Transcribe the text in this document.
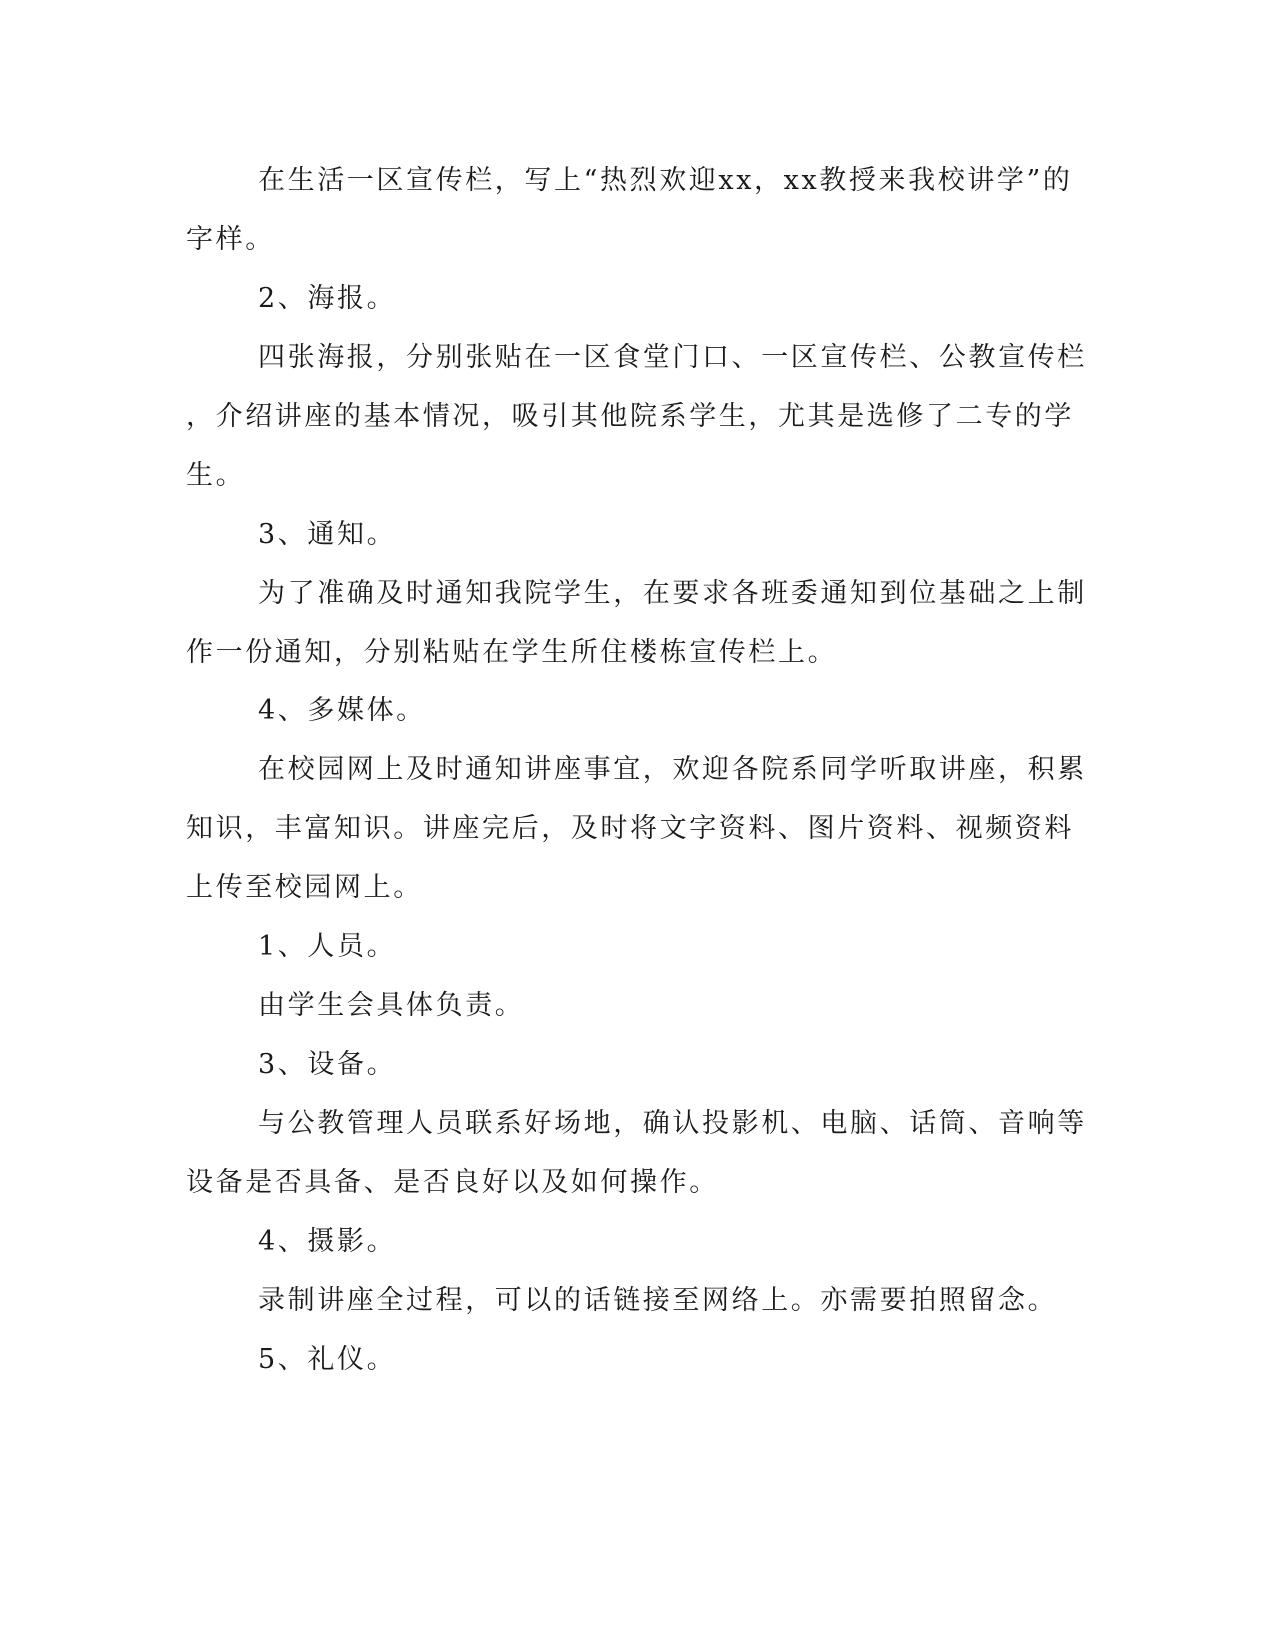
在生活一区宣传栏，写上“热烈欢迎xx，xx教授来我校讲学”的
字样。
2、海报。
四张海报，分别张贴在一区食堂门口、一区宣传栏、公教宣传栏
，介绍讲座的基本情况，吸引其他院系学生，尤其是选修了二专的学
生。
3、通知。
为了准确及时通知我院学生，在要求各班委通知到位基础之上制
作一份通知，分别粘贴在学生所住楼栋宣传栏上。
4、多媒体。
在校园网上及时通知讲座事宜，欢迎各院系同学听取讲座，积累
知识，丰富知识。讲座完后，及时将文字资料、图片资料、视频资料
上传至校园网上。
1、人员。
由学生会具体负责。
3、设备。
与公教管理人员联系好场地，确认投影机、电脑、话筒、音响等
设备是否具备、是否良好以及如何操作。
4、摄影。
录制讲座全过程，可以的话链接至网络上。亦需要拍照留念。
5、礼仪。
